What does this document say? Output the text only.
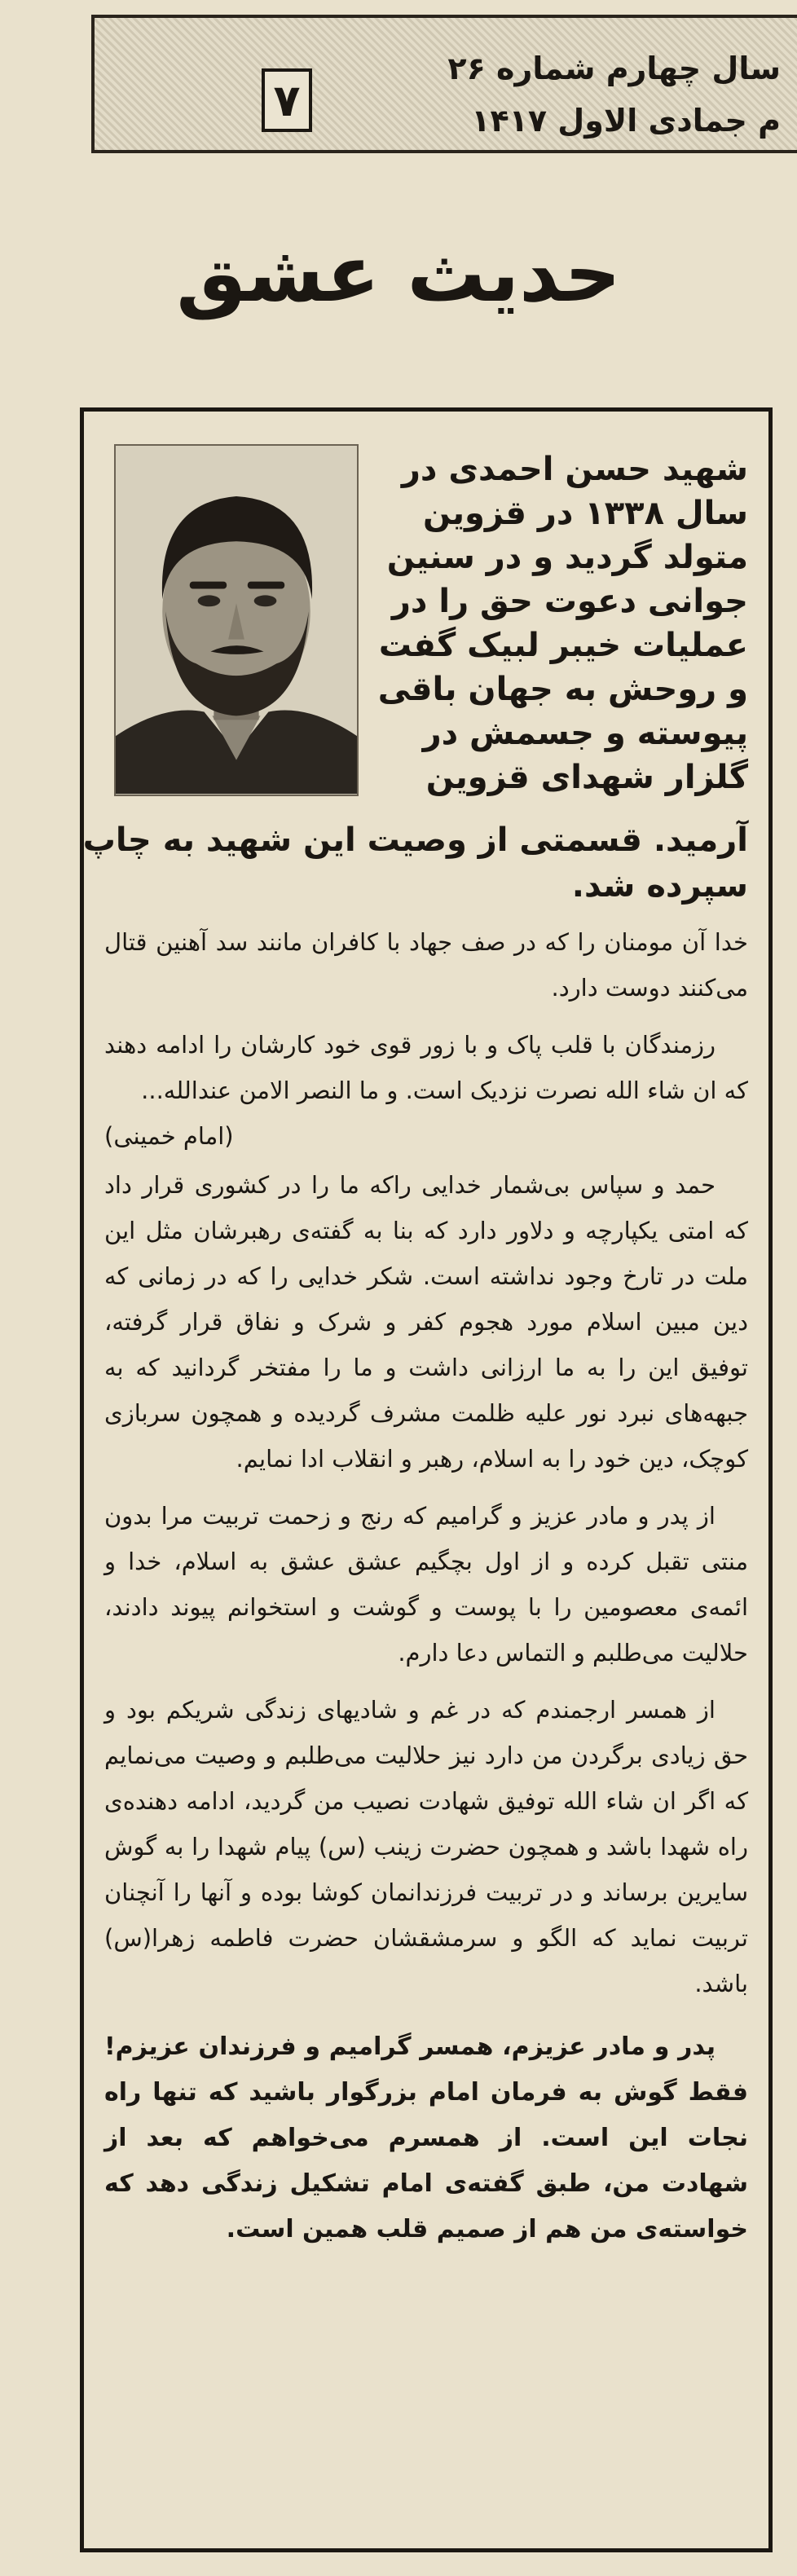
۷
سال چهارم شماره ۲۶
م جمادی الاول ۱۴۱۷
حدیث عشق
شهید حسن احمدی در
سال ۱۳۳۸ در قزوین
متولد گردید و در سنین
جوانی دعوت حق را در
عملیات خیبر لبیک گفت
و روحش به جهان باقی
پیوسته و جسمش در
گلزار شهدای قزوین
آرمید. قسمتی از وصیت این شهید به چاپ
سپرده شد.

خدا آن مومنان را که در صف جهاد با کافران مانند سد آهنین قتال می‌کنند دوست دارد.

رزمندگان با قلب پاک و با زور قوی خود کارشان را ادامه دهند که ان شاء الله نصرت نزدیک است. و ما النصر الامن عندالله...

(امام خمینی)

حمد و سپاس بی‌شمار خدایی راکه ما را در کشوری قرار داد که امتی یکپارچه و دلاور دارد که بنا به گفته‌ی رهبرشان مثل این ملت در تارخ وجود نداشته است. شکر خدایی را که در زمانی که دین مبین اسلام مورد هجوم کفر و شرک و نفاق قرار گرفته، توفیق این را به ما ارزانی داشت و ما را مفتخر گردانید که به جبهه‌های نبرد نور علیه ظلمت مشرف گردیده و همچون سربازی کوچک، دین خود را به اسلام، رهبر و انقلاب ادا نمایم.

از پدر و مادر عزیز و گرامیم که رنج و زحمت تربیت مرا بدون منتی تقبل کرده و از اول بچگیم عشق عشق به اسلام، خدا و ائمه‌ی معصومین را با پوست و گوشت و استخوانم پیوند دادند، حلالیت می‌طلبم و التماس دعا دارم.

از همسر ارجمندم که در غم و شادیهای زندگی شریکم بود و حق زیادی برگردن من دارد نیز حلالیت می‌طلبم و وصیت می‌نمایم که اگر ان شاء الله توفیق شهادت نصیب من گردید، ادامه دهنده‌ی راه شهدا باشد و همچون حضرت زینب (س) پیام شهدا را به گوش سایرین برساند و در تربیت فرزندانمان کوشا بوده و آنها را آنچنان تربیت نماید که الگو و سرمشقشان حضرت فاطمه زهرا(س) باشد.

پدر و مادر عزیزم، همسر گرامیم و فرزندان عزیزم! فقط گوش به فرمان امام بزرگوار باشید که تنها راه نجات این است. از همسرم می‌خواهم که بعد از شهادت من، طبق گفته‌ی امام تشکیل زندگی دهد که خواسته‌ی من هم از صمیم قلب همین است.
